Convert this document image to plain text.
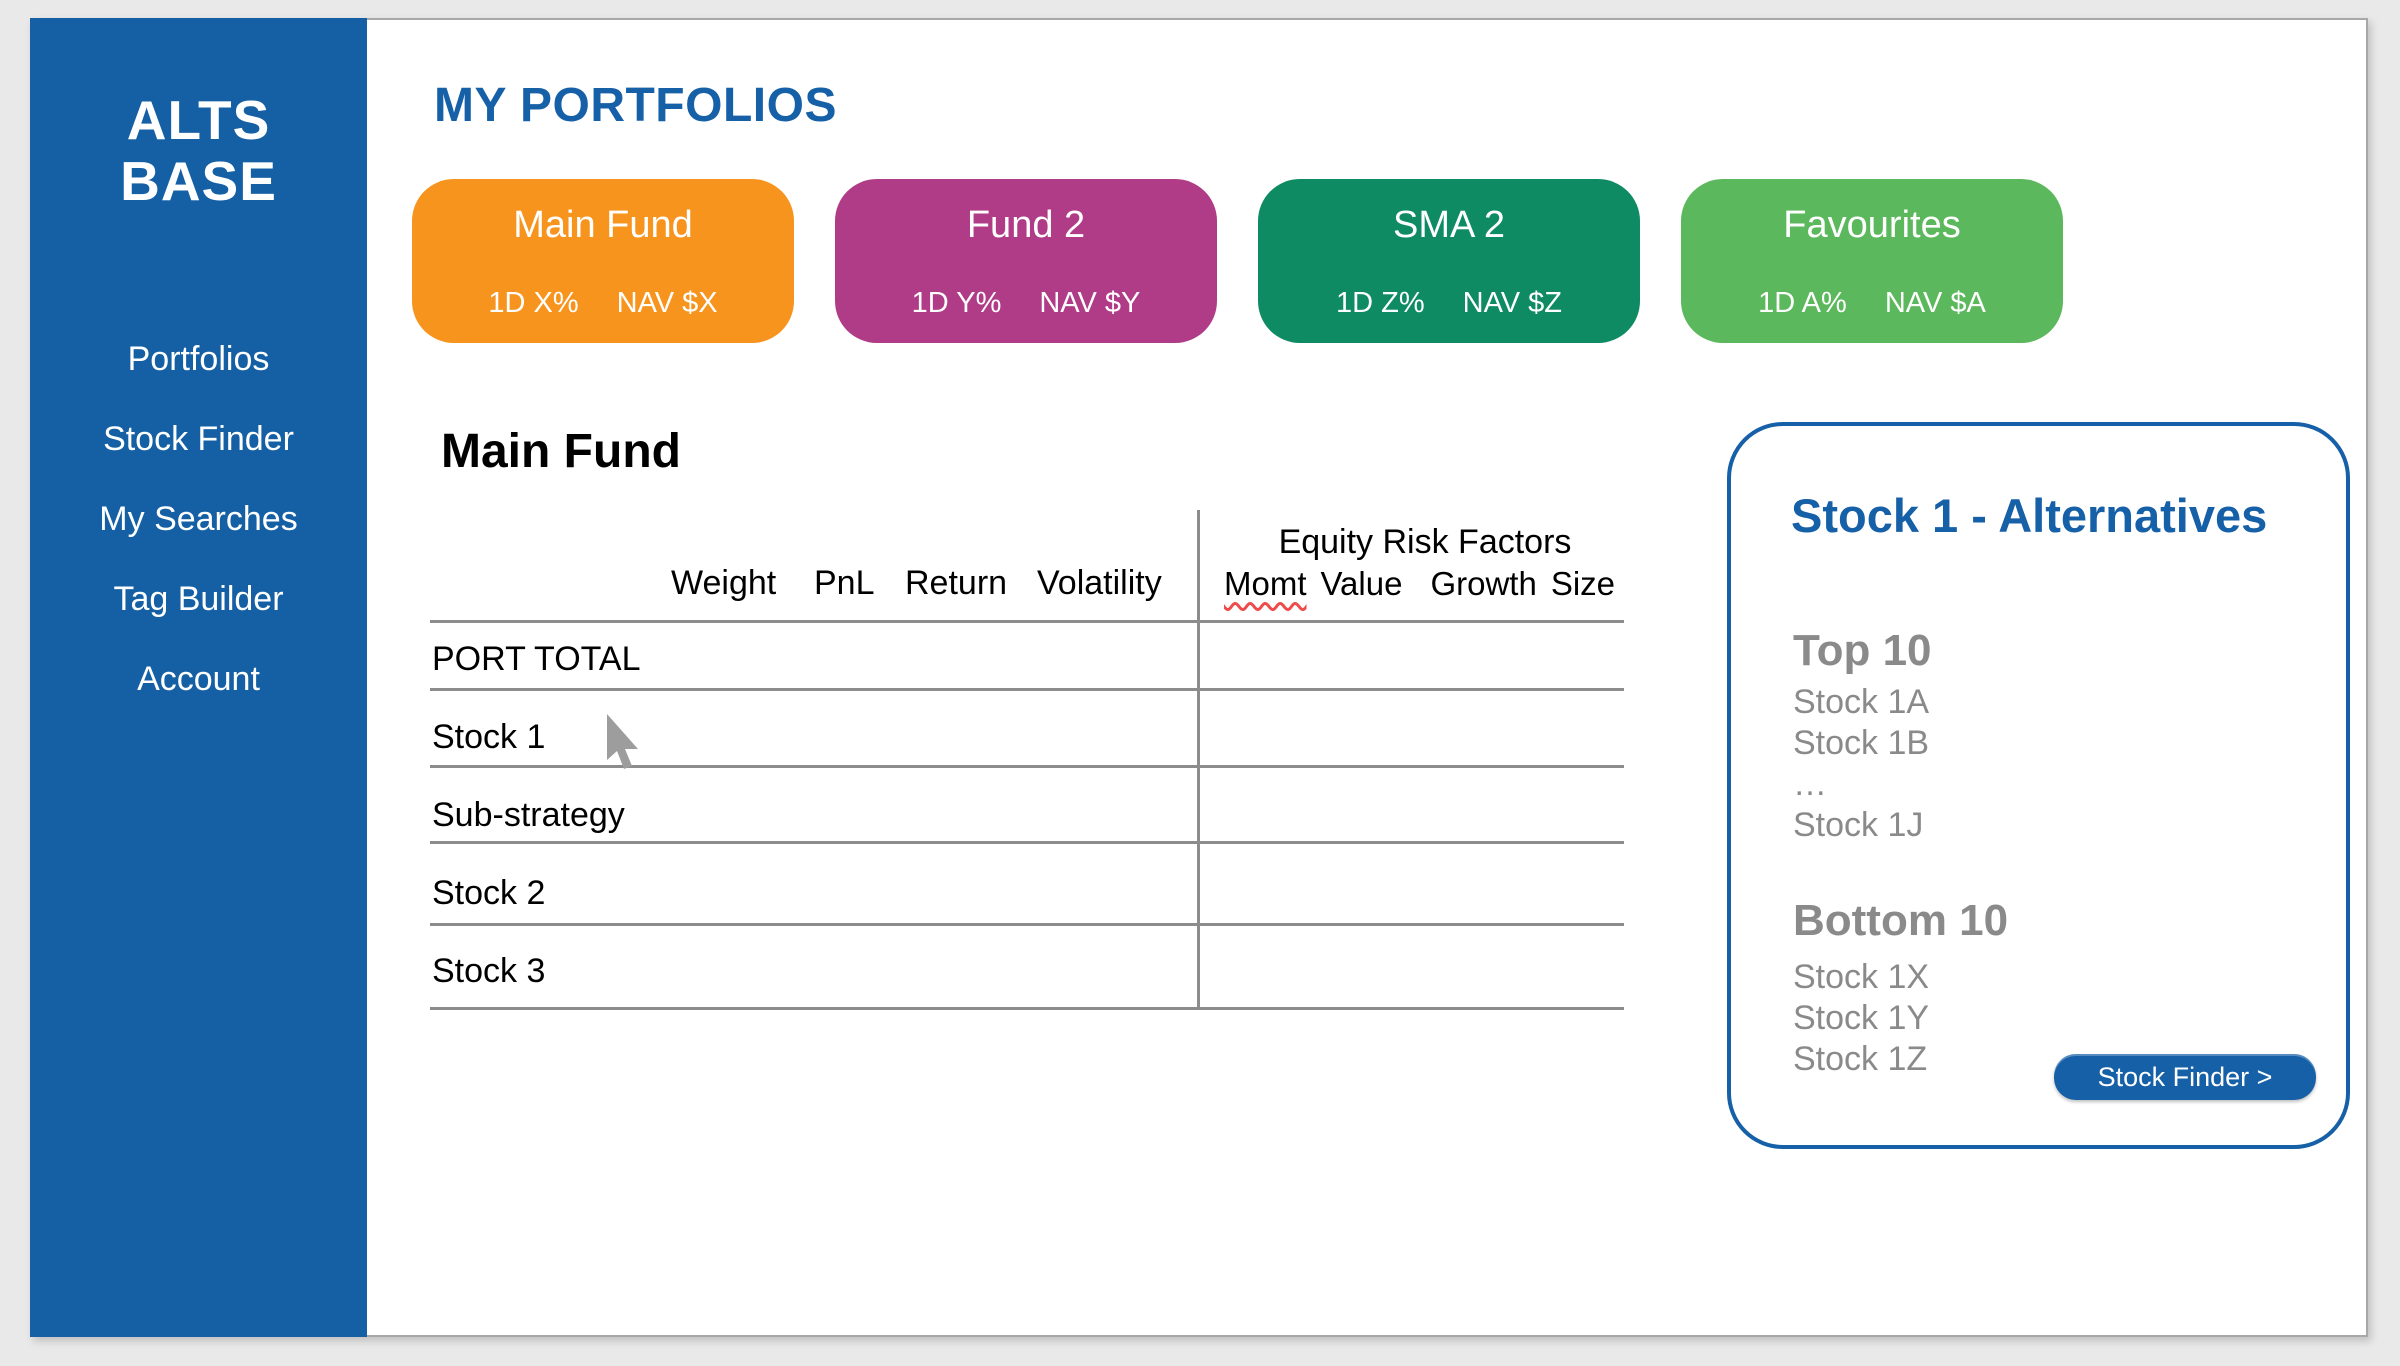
ALTS
BASE
Portfolios
Stock Finder
My Searches
Tag Builder
Account
MY PORTFOLIOS
Main Fund
1D X% NAV $X
Fund 2
1D Y% NAV $Y
SMA 2
1D Z% NAV $Z
Favourites
1D A% NAV $A
Main Fund
Weight PnL Return Volatility
Equity Risk Factors
Momt Value Growth Size
PORT TOTAL
Stock 1
Sub-strategy
Stock 2
Stock 3
Stock 1 - Alternatives
Top 10
Stock 1A
Stock 1B
…
Stock 1J
Bottom 10
Stock 1X
Stock 1Y
Stock 1Z	Stock Finder >
